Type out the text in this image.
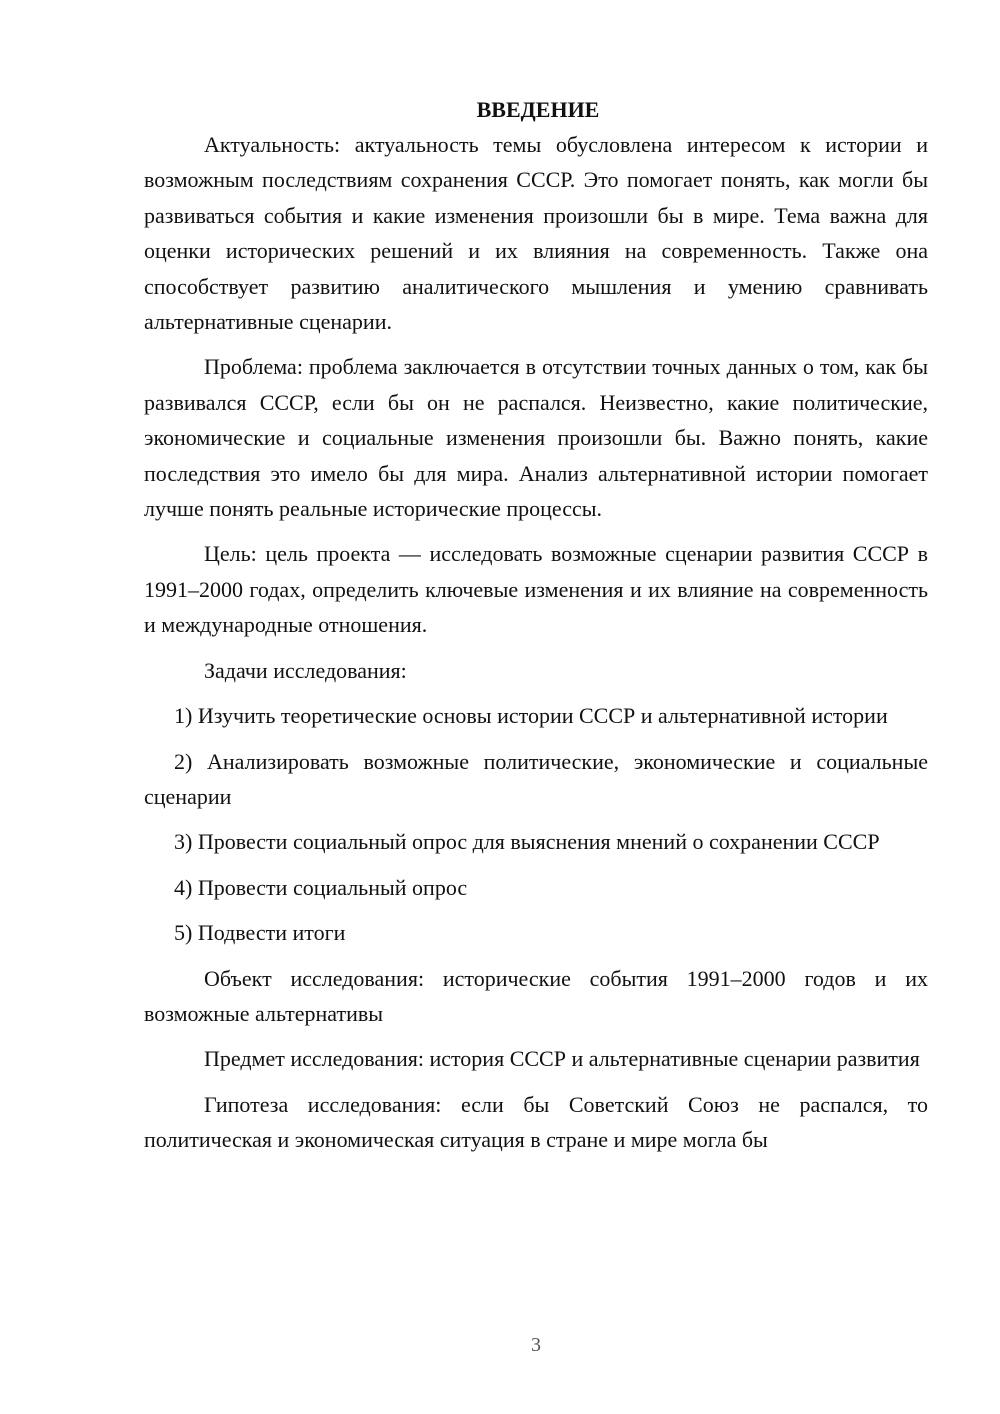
ВВЕДЕНИЕ

Актуальность: актуальность темы обусловлена интересом к истории и возможным последствиям сохранения СССР. Это помогает понять, как могли бы развиваться события и какие изменения произошли бы в мире. Тема важна для оценки исторических решений и их влияния на современность. Также она способствует развитию аналитического мышления и умению сравнивать альтернативные сценарии.

Проблема: проблема заключается в отсутствии точных данных о том, как бы развивался СССР, если бы он не распался. Неизвестно, какие политические, экономические и социальные изменения произошли бы. Важно понять, какие последствия это имело бы для мира. Анализ альтернативной истории помогает лучше понять реальные исторические процессы.

Цель: цель проекта — исследовать возможные сценарии развития СССР в 1991–2000 годах, определить ключевые изменения и их влияние на современность и международные отношения.

Задачи исследования:

1) Изучить теоретические основы истории СССР и альтернативной истории

2) Анализировать возможные политические, экономические и социальные сценарии

3) Провести социальный опрос для выяснения мнений о сохранении СССР

4) Провести социальный опрос

5) Подвести итоги

Объект исследования: исторические события 1991–2000 годов и их возможные альтернативы

Предмет исследования: история СССР и альтернативные сценарии развития

Гипотеза исследования: если бы Советский Союз не распался, то политическая и экономическая ситуация в стране и мире могла бы

3
